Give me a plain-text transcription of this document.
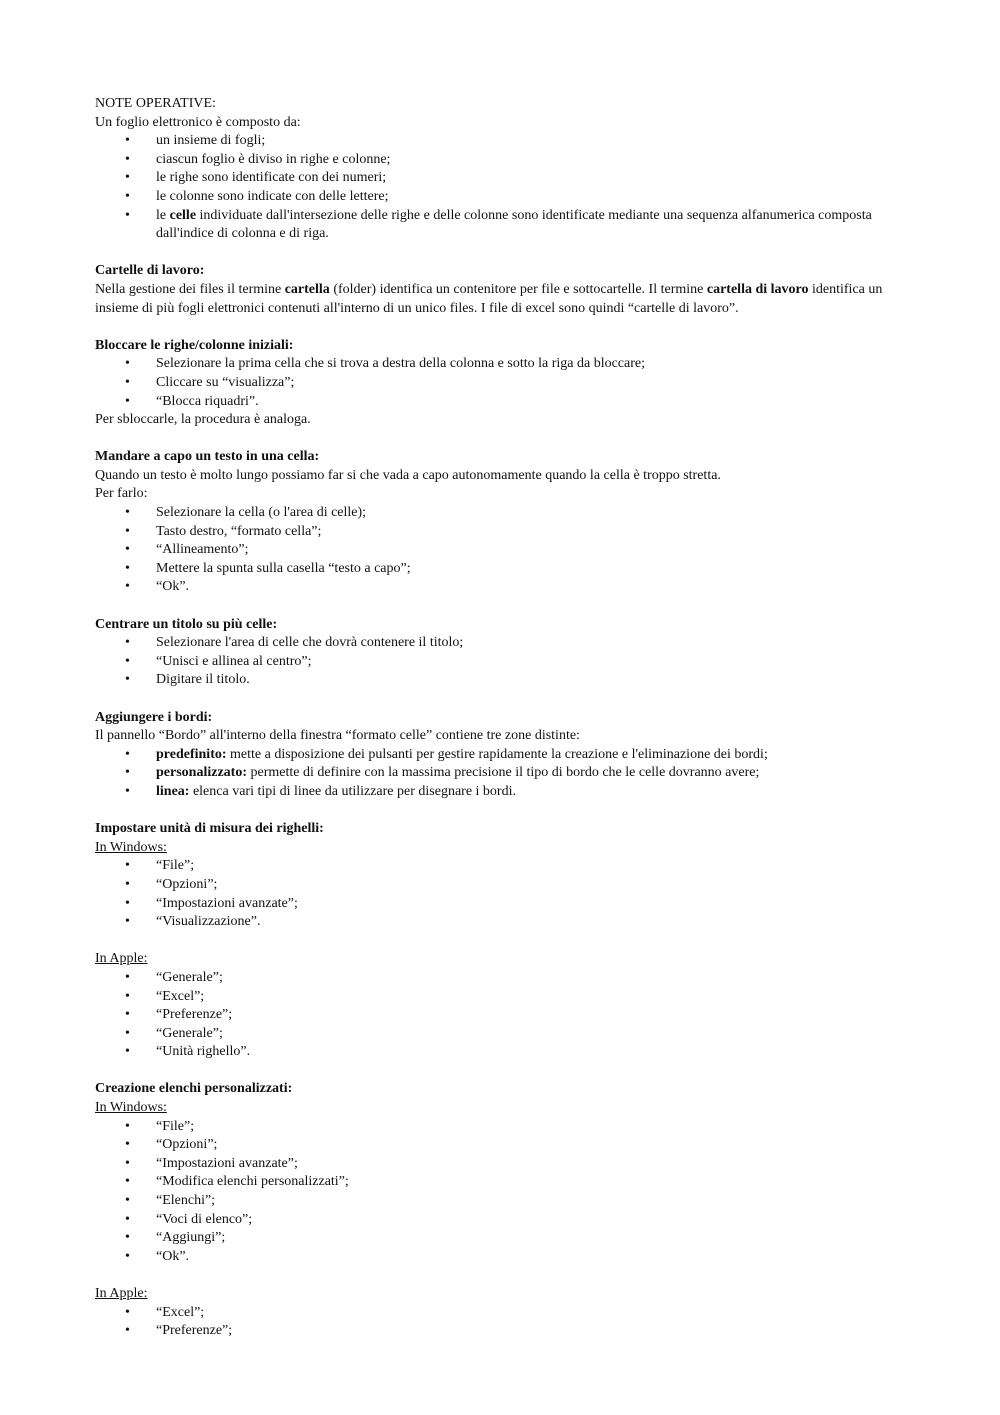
NOTE OPERATIVE:
Un foglio elettronico è composto da:
• un insieme di fogli;
• ciascun foglio è diviso in righe e colonne;
• le righe sono identificate con dei numeri;
• le colonne sono indicate con delle lettere;
• le celle individuate dall'intersezione delle righe e delle colonne sono identificate mediante una sequenza alfanumerica composta dall'indice di colonna e di riga.
Cartelle di lavoro:
Nella gestione dei files il termine cartella (folder) identifica un contenitore per file e sottocartelle. Il termine cartella di lavoro identifica un insieme di più fogli elettronici contenuti all'interno di un unico files. I file di excel sono quindi “cartelle di lavoro”.
Bloccare le righe/colonne iniziali:
• Selezionare la prima cella che si trova a destra della colonna e sotto la riga da bloccare;
• Cliccare su “visualizza”;
• “Blocca riquadri”.
Per sbloccarle, la procedura è analoga.
Mandare a capo un testo in una cella:
Quando un testo è molto lungo possiamo far si che vada a capo autonomamente quando la cella è troppo stretta.
Per farlo:
• Selezionare la cella (o l'area di celle);
• Tasto destro, “formato cella”;
• “Allineamento”;
• Mettere la spunta sulla casella “testo a capo”;
• “Ok”.
Centrare un titolo su più celle:
• Selezionare l'area di celle che dovrà contenere il titolo;
• “Unisci e allinea al centro”;
• Digitare il titolo.
Aggiungere i bordi:
Il pannello “Bordo” all'interno della finestra “formato celle” contiene tre zone distinte:
• predefinito: mette a disposizione dei pulsanti per gestire rapidamente la creazione e l'eliminazione dei bordi;
• personalizzato: permette di definire con la massima precisione il tipo di bordo che le celle dovranno avere;
• linea: elenca vari tipi di linee da utilizzare per disegnare i bordi.
Impostare unità di misura dei righelli:
In Windows:
• “File”;
• “Opzioni”;
• “Impostazioni avanzate”;
• “Visualizzazione”.
In Apple:
• “Generale”;
• “Excel”;
• “Preferenze”;
• “Generale”;
• “Unità righello”.
Creazione elenchi personalizzati:
In Windows:
• “File”;
• “Opzioni”;
• “Impostazioni avanzate”;
• “Modifica elenchi personalizzati”;
• “Elenchi”;
• “Voci di elenco”;
• “Aggiungi”;
• “Ok”.
In Apple:
• “Excel”;
• “Preferenze”;
